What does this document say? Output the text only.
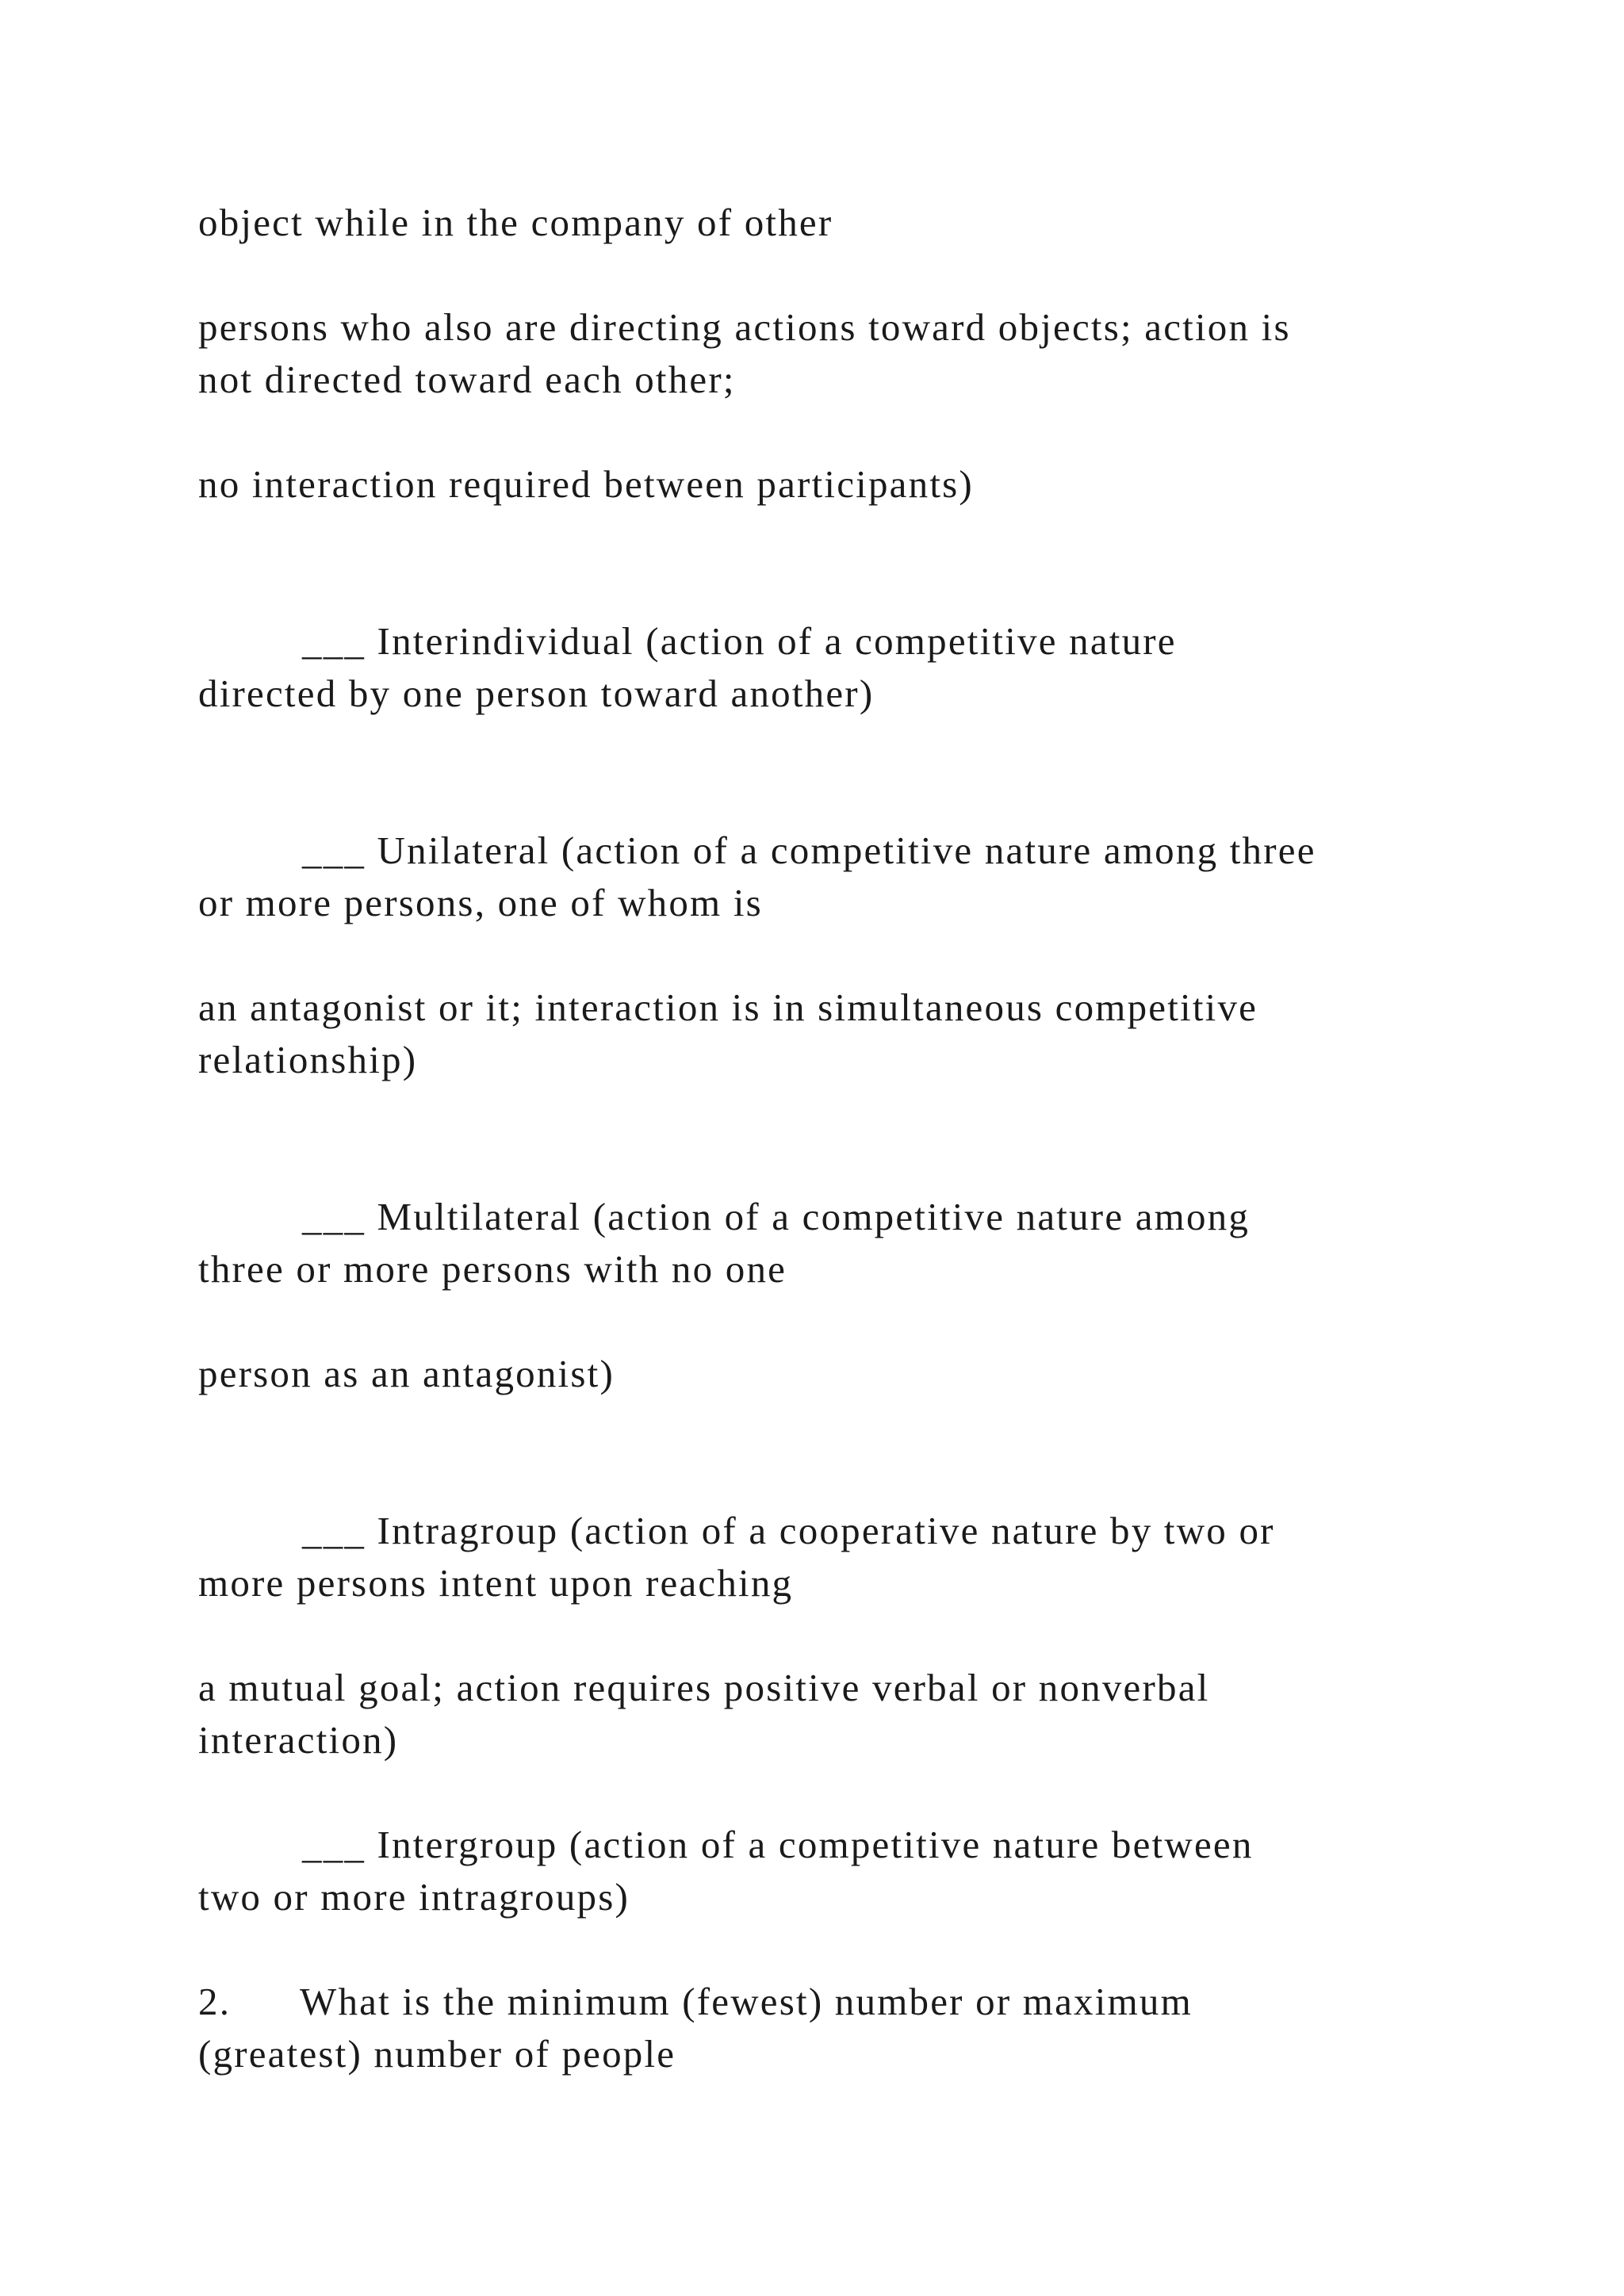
object while in the company of other
persons who also are directing actions toward objects; action is
not directed toward each other;
no interaction required between participants)
___ Interindividual (action of a competitive nature
directed by one person toward another)
___ Unilateral (action of a competitive nature among three
or more persons, one of whom is
an antagonist or it; interaction is in simultaneous competitive
relationship)
___ Multilateral (action of a competitive nature among
three or more persons with no one
person as an antagonist)
___ Intragroup (action of a cooperative nature by two or
more persons intent upon reaching
a mutual goal; action requires positive verbal or nonverbal
interaction)
___ Intergroup (action of a competitive nature between
two or more intragroups)
2. What is the minimum (fewest) number or maximum
(greatest) number of people
